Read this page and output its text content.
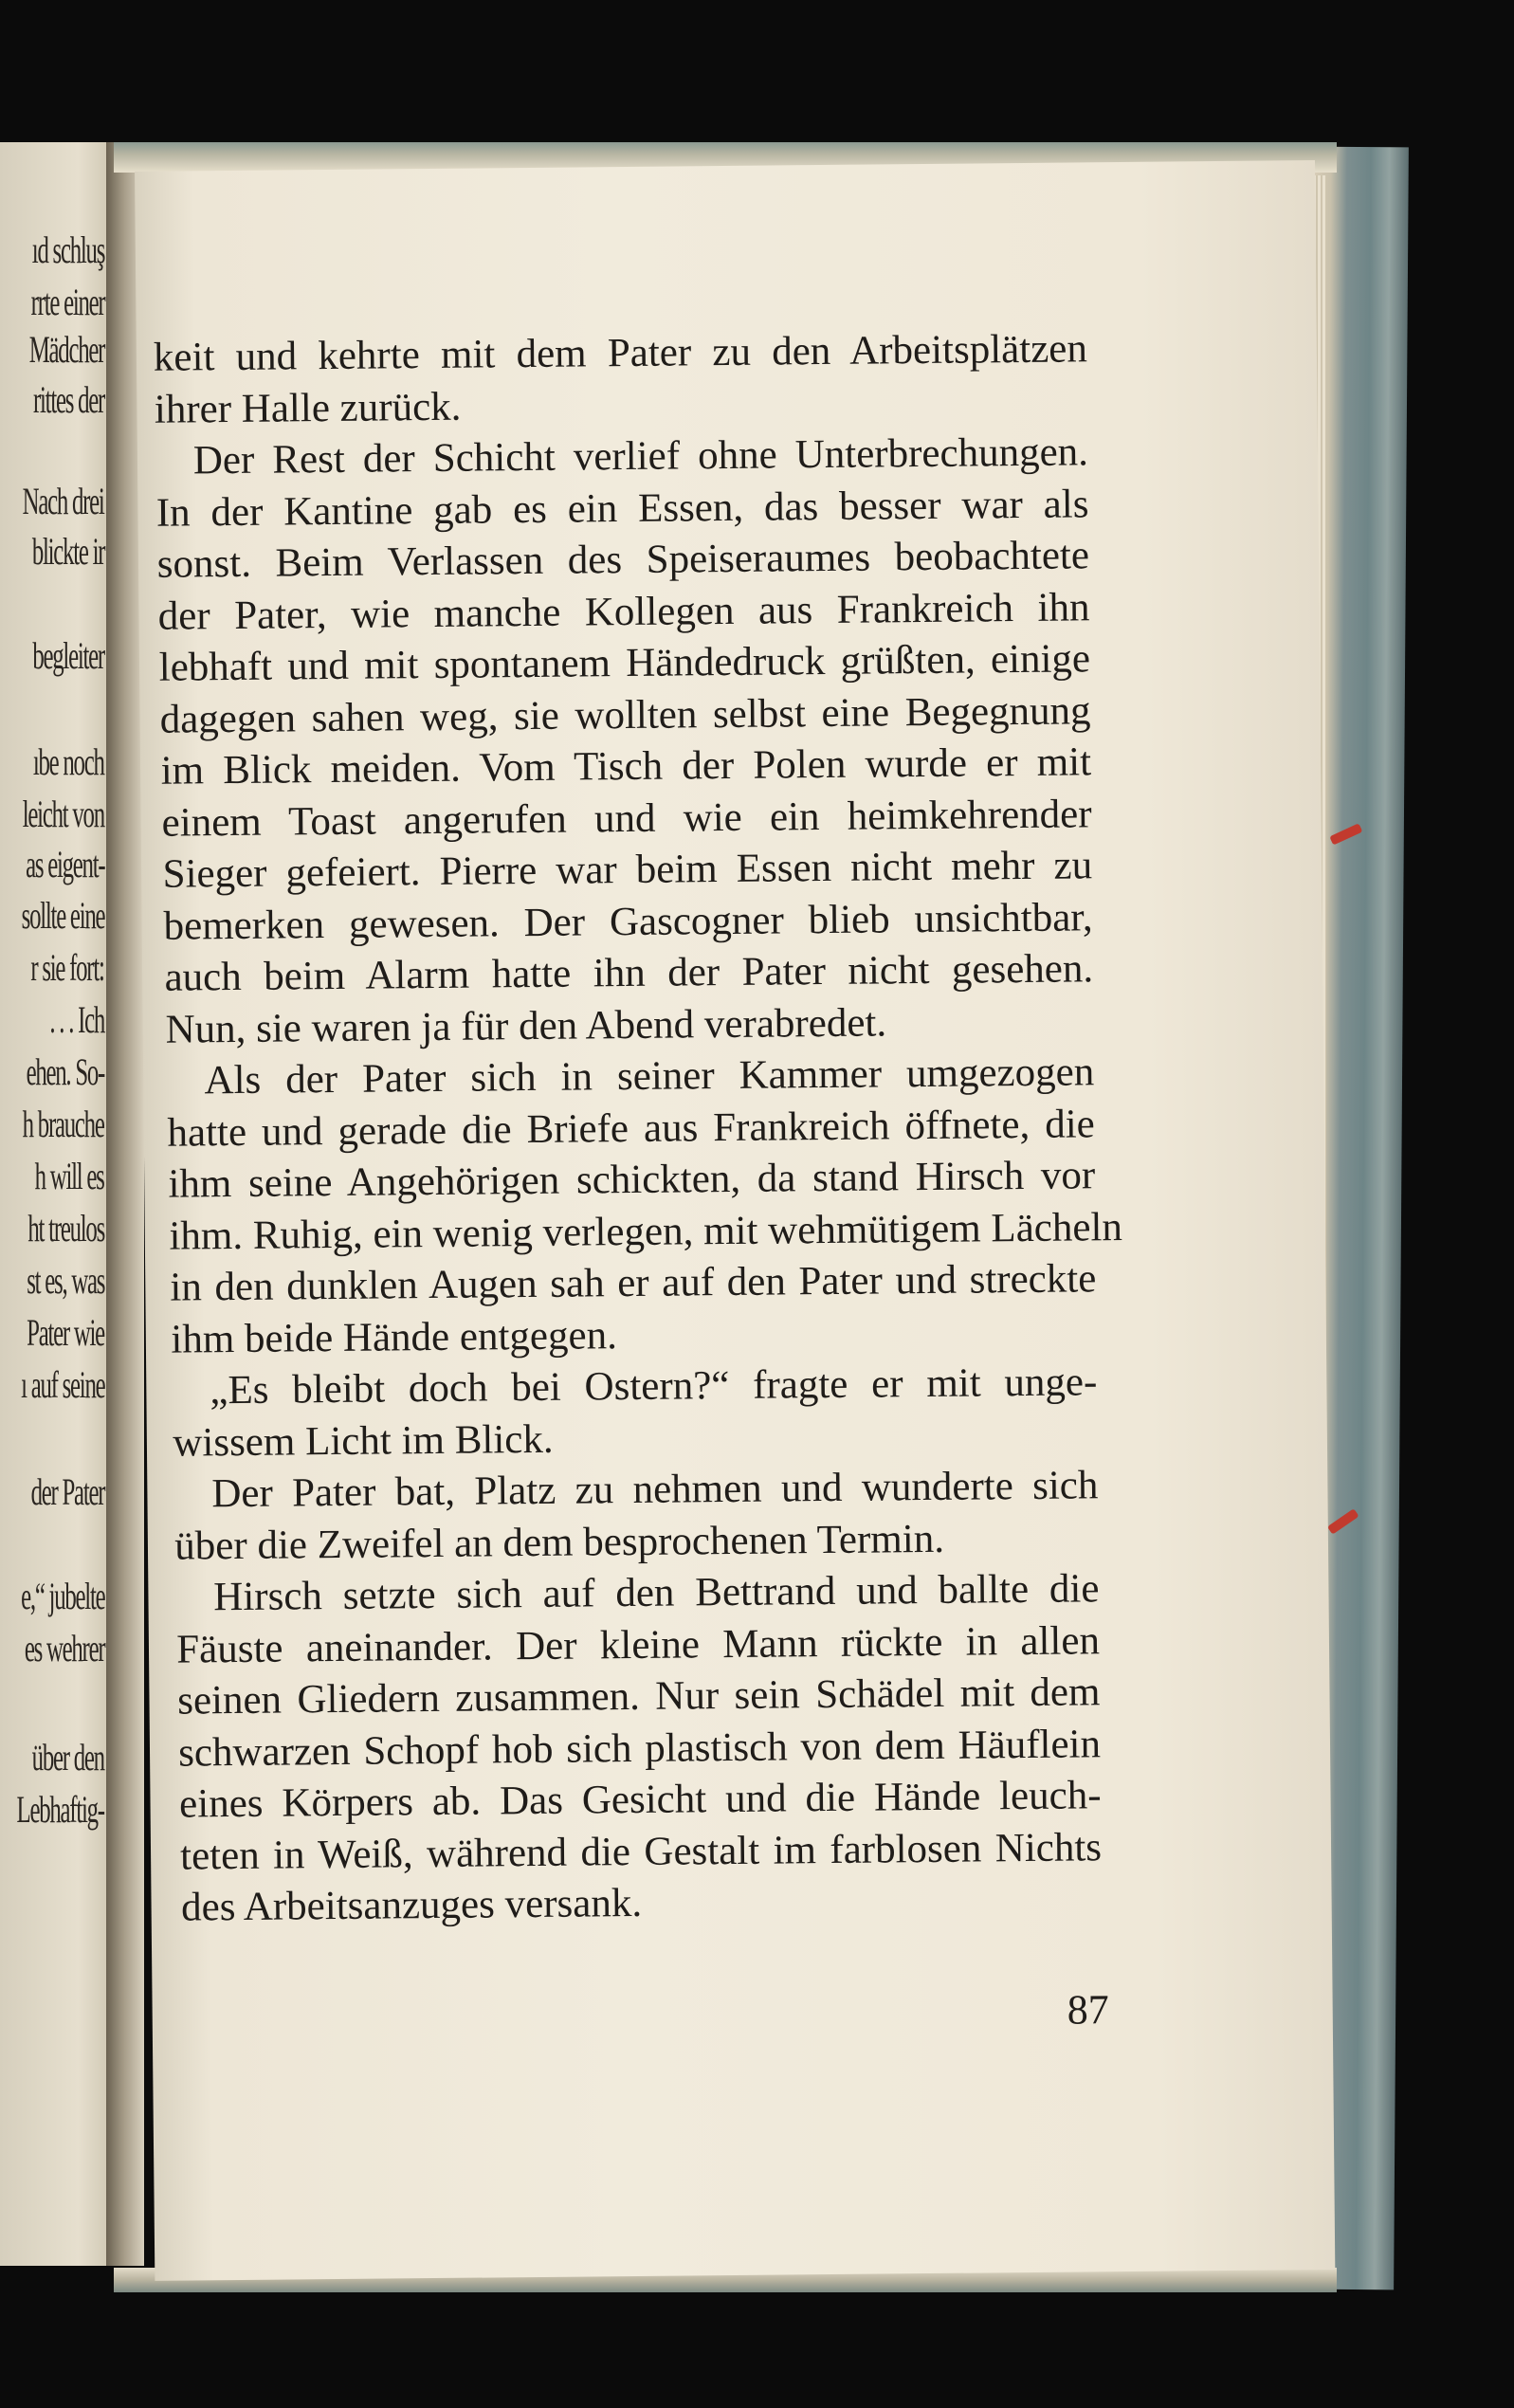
ıd schluş
rrte einer
Mädcher
rittes der
Nach drei
blickte ir
begleiter
ıbe noch
leicht von
as eigent-
sollte eine
r sie fort:
. . . Ich
ehen. So-
h brauche
h will es
ht treulos
st es, was
Pater wie
ı auf seine
der Pater
e,“ jubelte
es wehrer
über den
Lebhaftig-
keit und kehrte mit dem Pater zu den Arbeitsplätzen
ihrer Halle zurück.
Der Rest der Schicht verlief ohne Unterbrechungen.
In der Kantine gab es ein Essen, das besser war als
sonst. Beim Verlassen des Speiseraumes beobachtete
der Pater, wie manche Kollegen aus Frankreich ihn
lebhaft und mit spontanem Händedruck grüßten, einige
dagegen sahen weg, sie wollten selbst eine Begegnung
im Blick meiden. Vom Tisch der Polen wurde er mit
einem Toast angerufen und wie ein heimkehrender
Sieger gefeiert. Pierre war beim Essen nicht mehr zu
bemerken gewesen. Der Gascogner blieb unsichtbar,
auch beim Alarm hatte ihn der Pater nicht gesehen.
Nun, sie waren ja für den Abend verabredet.
Als der Pater sich in seiner Kammer umgezogen
hatte und gerade die Briefe aus Frankreich öffnete, die
ihm seine Angehörigen schickten, da stand Hirsch vor
ihm. Ruhig, ein wenig verlegen, mit wehmütigem Lächeln
in den dunklen Augen sah er auf den Pater und streckte
ihm beide Hände entgegen.
„Es bleibt doch bei Ostern?“ fragte er mit unge-
wissem Licht im Blick.
Der Pater bat, Platz zu nehmen und wunderte sich
über die Zweifel an dem besprochenen Termin.
Hirsch setzte sich auf den Bettrand und ballte die
Fäuste aneinander. Der kleine Mann rückte in allen
seinen Gliedern zusammen. Nur sein Schädel mit dem
schwarzen Schopf hob sich plastisch von dem Häuflein
eines Körpers ab. Das Gesicht und die Hände leuch-
teten in Weiß, während die Gestalt im farblosen Nichts
des Arbeitsanzuges versank.
87
